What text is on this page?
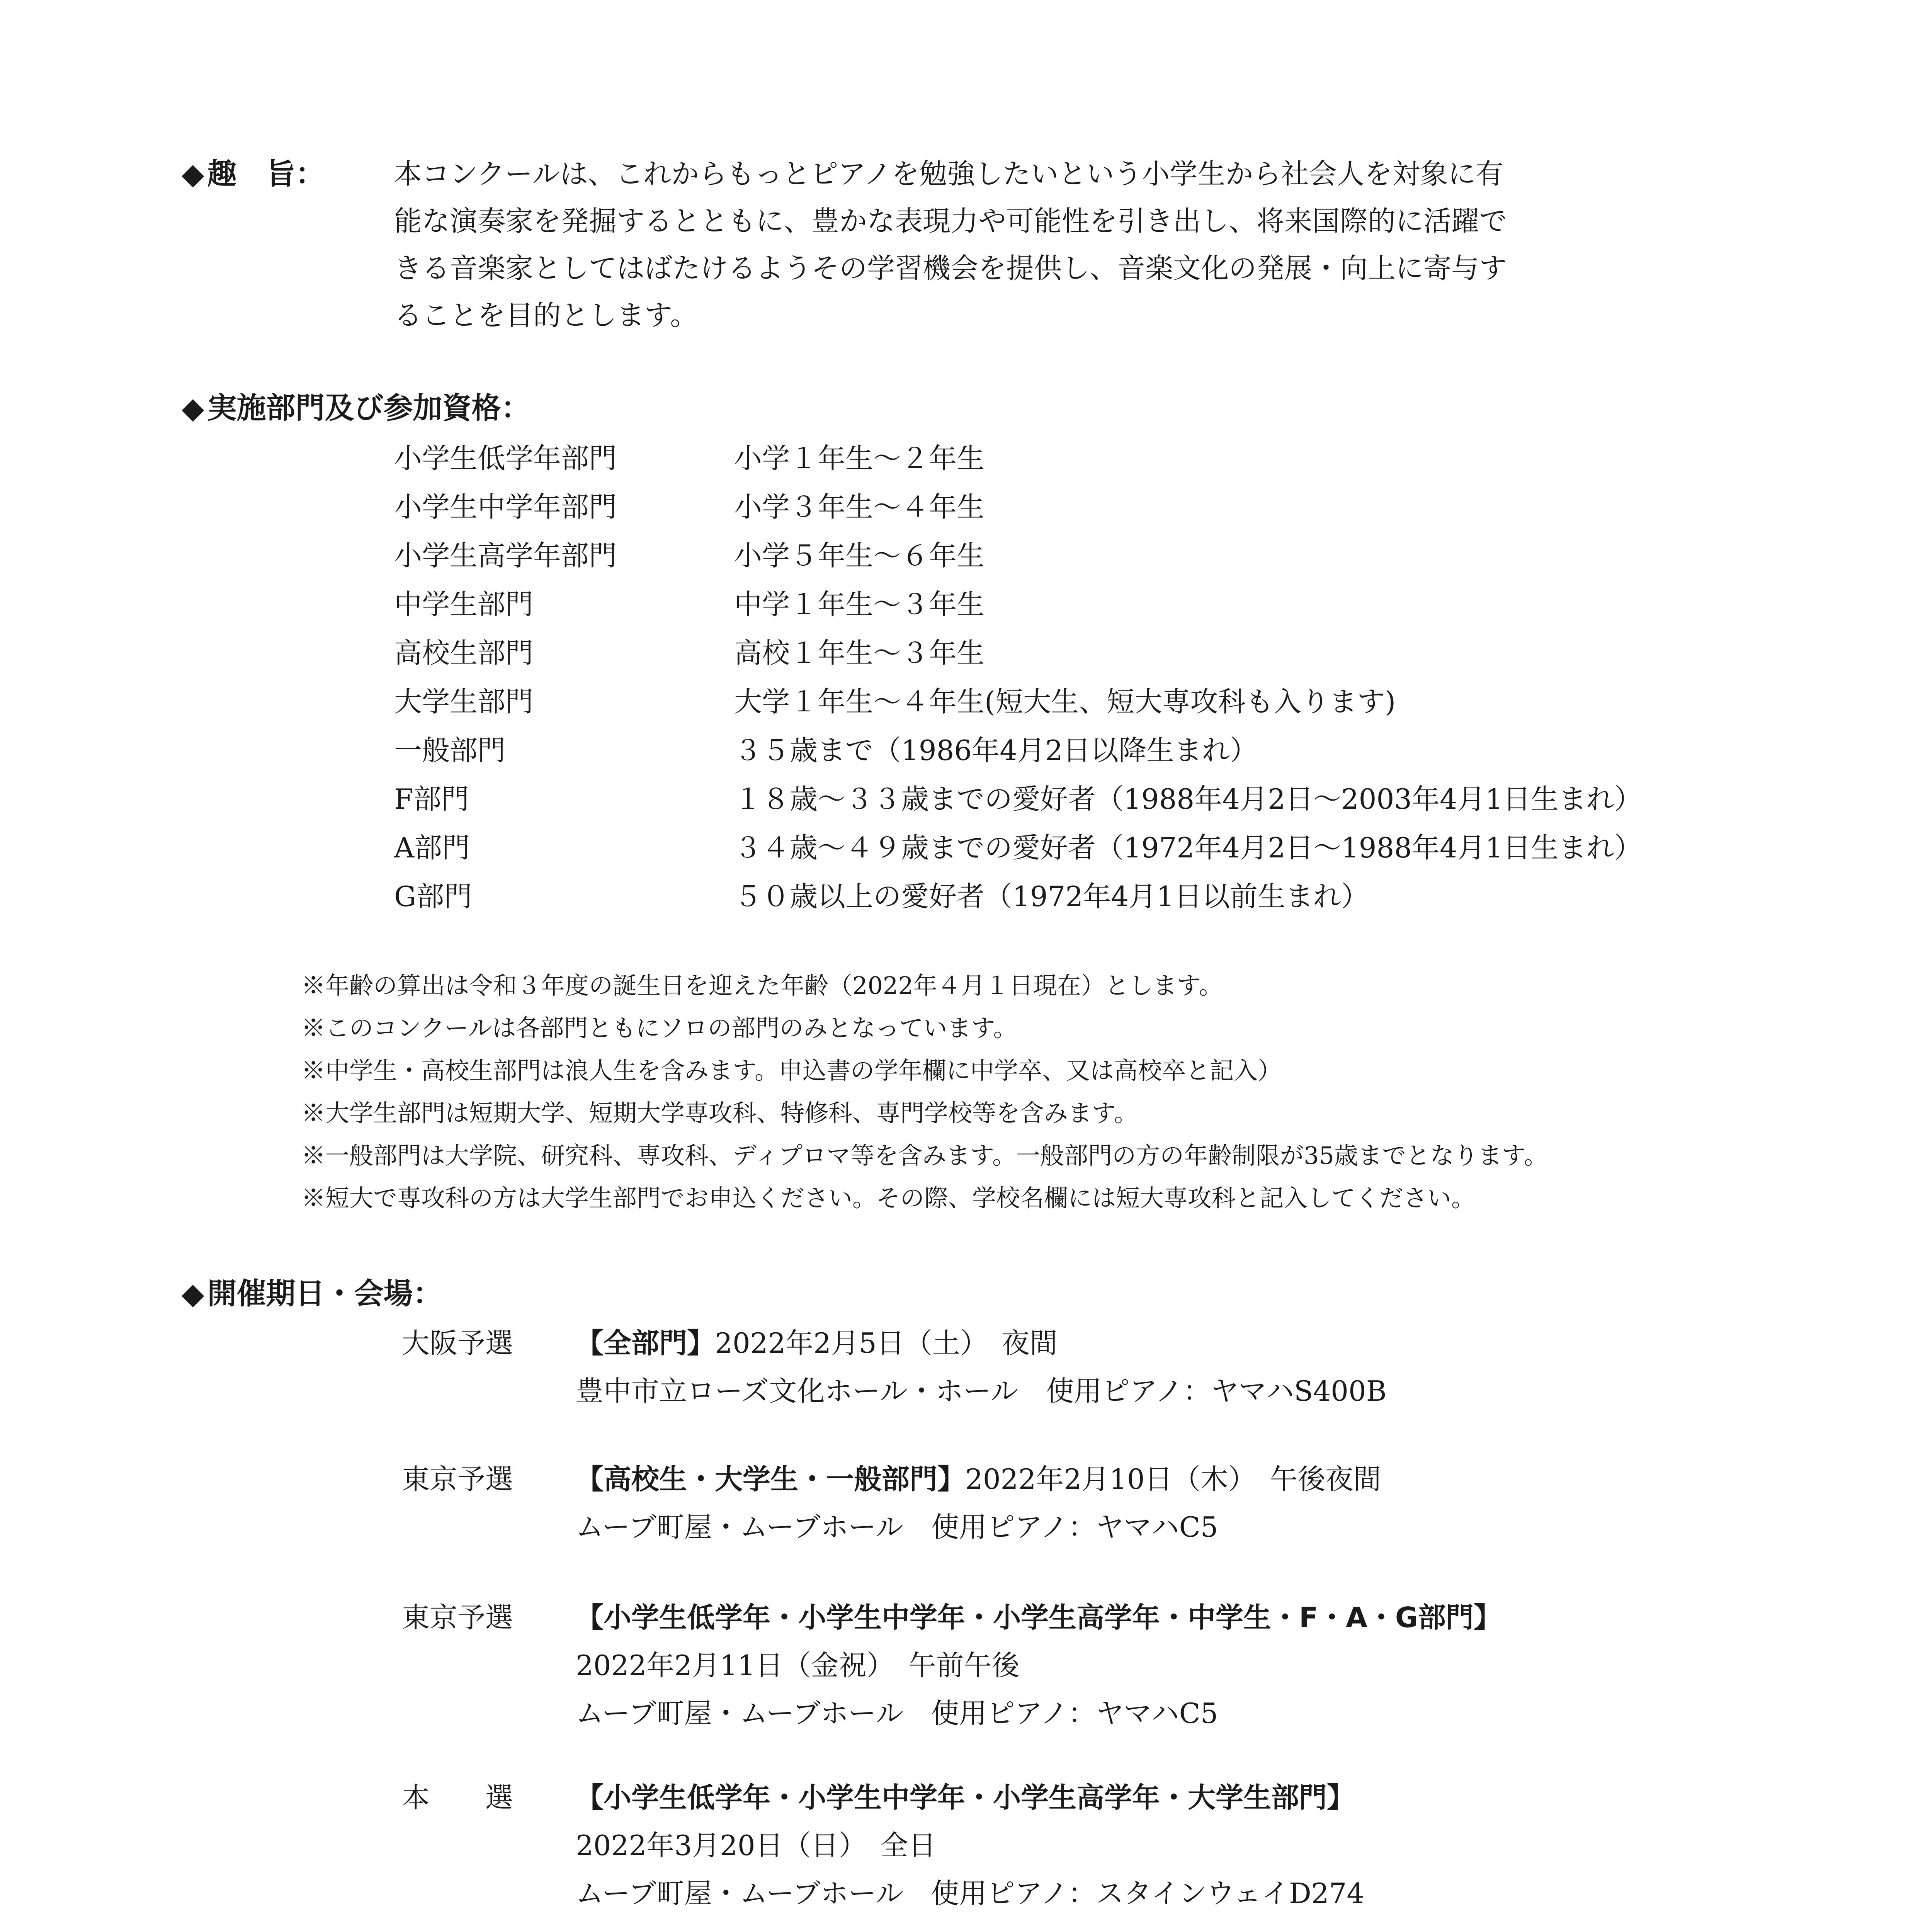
◆ 趣　旨： 本コンクールは、これからもっとピアノを勉強したいという小学生から社会人を対象に有
能な演奏家を発掘するとともに、豊かな表現力や可能性を引き出し、将来国際的に活躍で
きる音楽家としてはばたけるようその学習機会を提供し、音楽文化の発展・向上に寄与す
ることを目的とします。
◆ 実施部門及び参加資格：
小学生低学年部門	小学１年生～２年生
小学生中学年部門	小学３年生～４年生
小学生高学年部門	小学５年生～６年生
中学生部門	中学１年生～３年生
高校生部門	高校１年生～３年生
大学生部門	大学１年生～４年生(短大生、短大専攻科も入ります)
一般部門	３５歳まで（1986年4月2日以降生まれ）
F部門	１８歳～３３歳までの愛好者（1988年4月2日～2003年4月1日生まれ）
A部門	３４歳～４９歳までの愛好者（1972年4月2日～1988年4月1日生まれ）
G部門	５０歳以上の愛好者（1972年4月1日以前生まれ）
※年齢の算出は令和３年度の誕生日を迎えた年齢（2022年４月１日現在）とします。
※このコンクールは各部門ともにソロの部門のみとなっています。
※中学生・高校生部門は浪人生を含みます。申込書の学年欄に中学卒、又は高校卒と記入）
※大学生部門は短期大学、短期大学専攻科、特修科、専門学校等を含みます。
※一般部門は大学院、研究科、専攻科、ディプロマ等を含みます。一般部門の方の年齢制限が35歳までとなります。
※短大で専攻科の方は大学生部門でお申込ください。その際、学校名欄には短大専攻科と記入してください。
◆ 開催期日・会場：
大阪予選 【全部門】2022年2月5日（土）　夜間
豊中市立ローズ文化ホール・ホール　使用ピアノ：ヤマハS400B
東京予選 【高校生・大学生・一般部門】2022年2月10日（木）　午後夜間
ムーブ町屋・ムーブホール　使用ピアノ：ヤマハC5
東京予選 【小学生低学年・小学生中学年・小学生高学年・中学生・F・A・G部門】
2022年2月11日（金祝）　午前午後
ムーブ町屋・ムーブホール　使用ピアノ：ヤマハC5
本　　選 【小学生低学年・小学生中学年・小学生高学年・大学生部門】
2022年3月20日（日）　全日
ムーブ町屋・ムーブホール　使用ピアノ：スタインウェイD274
